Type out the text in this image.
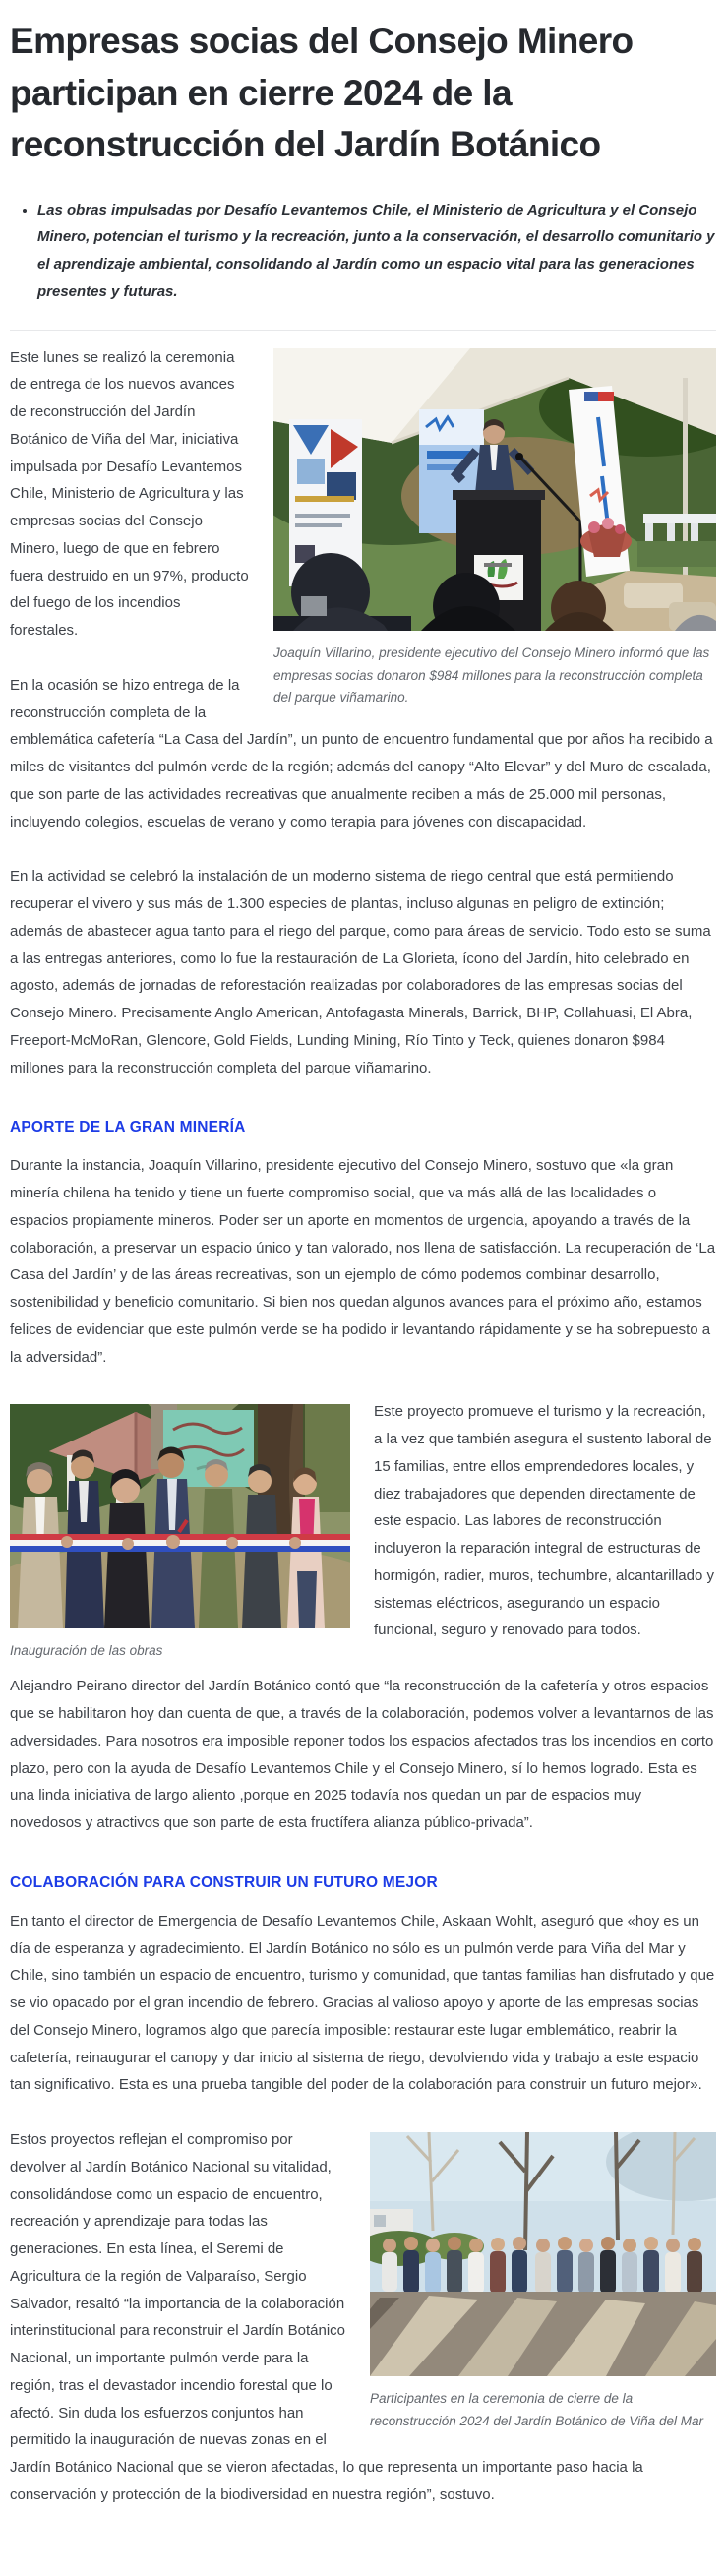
Empresas socias del Consejo Minero participan en cierre 2024 de la reconstrucción del Jardín Botánico
• Las obras impulsadas por Desafío Levantemos Chile, el Ministerio de Agricultura y el Consejo Minero, potencian el turismo y la recreación, junto a la conservación, el desarrollo comunitario y el aprendizaje ambiental, consolidando al Jardín como un espacio vital para las generaciones presentes y futuras.
Joaquín Villarino, presidente ejecutivo del Consejo Minero informó que las empresas socias donaron $984 millones para la reconstrucción completa del parque viñamarino.

Este lunes se realizó la ceremonia de entrega de los nuevos avances de reconstrucción del Jardín Botánico de Viña del Mar, iniciativa impulsada por Desafío Levantemos Chile, Ministerio de Agricultura y las empresas socias del Consejo Minero, luego de que en febrero fuera destruido en un 97%, producto del fuego de los incendios forestales.

En la ocasión se hizo entrega de la reconstrucción completa de la emblemática cafetería “La Casa del Jardín”, un punto de encuentro fundamental que por años ha recibido a miles de visitantes del pulmón verde de la región; además del canopy “Alto Elevar” y del Muro de escalada, que son parte de las actividades recreativas que anualmente reciben a más de 25.000 mil personas, incluyendo colegios, escuelas de verano y como terapia para jóvenes con discapacidad.

En la actividad se celebró la instalación de un moderno sistema de riego central que está permitiendo recuperar el vivero y sus más de 1.300 especies de plantas, incluso algunas en peligro de extinción; además de abastecer agua tanto para el riego del parque, como para áreas de servicio. Todo esto se suma a las entregas anteriores, como lo fue la restauración de La Glorieta, ícono del Jardín, hito celebrado en agosto, además de jornadas de reforestación realizadas por colaboradores de las empresas socias del Consejo Minero. Precisamente Anglo American, Antofagasta Minerals, Barrick, BHP, Collahuasi, El Abra, Freeport-McMoRan, Glencore, Gold Fields, Lunding Mining, Río Tinto y Teck, quienes donaron $984 millones para la reconstrucción completa del parque viñamarino.

APORTE DE LA GRAN MINERÍA

Durante la instancia, Joaquín Villarino, presidente ejecutivo del Consejo Minero, sostuvo que «la gran minería chilena ha tenido y tiene un fuerte compromiso social, que va más allá de las localidades o espacios propiamente mineros. Poder ser un aporte en momentos de urgencia, apoyando a través de la colaboración, a preservar un espacio único y tan valorado, nos llena de satisfacción. La recuperación de ‘La Casa del Jardín’ y de las áreas recreativas, son un ejemplo de cómo podemos combinar desarrollo, sostenibilidad y beneficio comunitario. Si bien nos quedan algunos avances para el próximo año, estamos felices de evidenciar que este pulmón verde se ha podido ir levantando rápidamente y se ha sobrepuesto a la adversidad”.

Inauguración de las obras

Este proyecto promueve el turismo y la recreación, a la vez que también asegura el sustento laboral de 15 familias, entre ellos emprendedores locales, y diez trabajadores que dependen directamente de este espacio. Las labores de reconstrucción incluyeron la reparación integral de estructuras de hormigón, radier, muros, techumbre, alcantarillado y sistemas eléctricos, asegurando un espacio funcional, seguro y renovado para todos.

Alejandro Peirano director del Jardín Botánico contó que “la reconstrucción de la cafetería y otros espacios que se habilitaron hoy dan cuenta de que, a través de la colaboración, podemos volver a levantarnos de las adversidades. Para nosotros era imposible reponer todos los espacios afectados tras los incendios en corto plazo, pero con la ayuda de Desafío Levantemos Chile y el Consejo Minero, sí lo hemos logrado. Esta es una linda iniciativa de largo aliento ,porque en 2025 todavía nos quedan un par de espacios muy novedosos y atractivos que son parte de esta fructífera alianza público-privada”.

COLABORACIÓN PARA CONSTRUIR UN FUTURO MEJOR

En tanto el director de Emergencia de Desafío Levantemos Chile, Askaan Wohlt, aseguró que «hoy es un día de esperanza y agradecimiento. El Jardín Botánico no sólo es un pulmón verde para Viña del Mar y Chile, sino también un espacio de encuentro, turismo y comunidad, que tantas familias han disfrutado y que se vio opacado por el gran incendio de febrero. Gracias al valioso apoyo y aporte de las empresas socias del Consejo Minero, logramos algo que parecía imposible: restaurar este lugar emblemático, reabrir la cafetería, reinaugurar el canopy y dar inicio al sistema de riego, devolviendo vida y trabajo a este espacio tan significativo. Esta es una prueba tangible del poder de la colaboración para construir un futuro mejor».

Participantes en la ceremonia de cierre de la reconstrucción 2024 del Jardín Botánico de Viña del Mar

Estos proyectos reflejan el compromiso por devolver al Jardín Botánico Nacional su vitalidad, consolidándose como un espacio de encuentro, recreación y aprendizaje para todas las generaciones. En esta línea, el Seremi de Agricultura de la región de Valparaíso, Sergio Salvador, resaltó “la importancia de la colaboración interinstitucional para reconstruir el Jardín Botánico Nacional, un importante pulmón verde para la región, tras el devastador incendio forestal que lo afectó. Sin duda los esfuerzos conjuntos han permitido la inauguración de nuevas zonas en el Jardín Botánico Nacional que se vieron afectadas, lo que representa un importante paso hacia la conservación y protección de la biodiversidad en nuestra región”, sostuvo.
